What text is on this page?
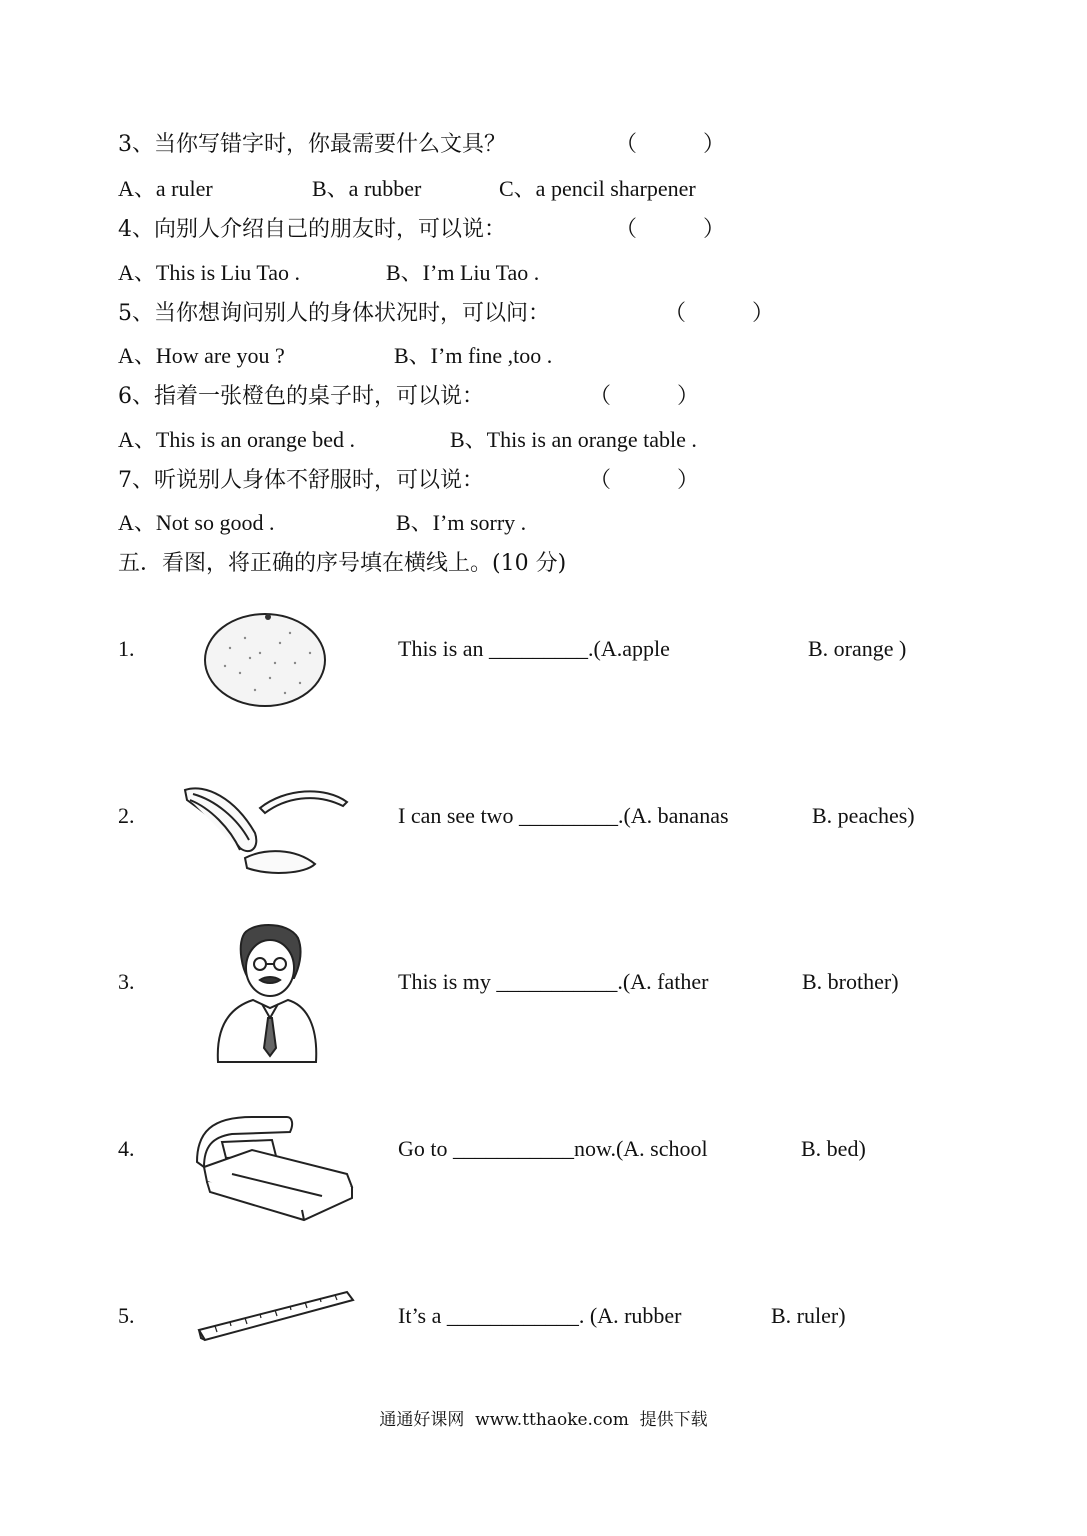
3、当你写错字时，你最需要什么文具？	（　　　）
A、a ruler	B、a rubber	C、a pencil sharpener
4、向别人介绍自己的朋友时，可以说：	（　　　）
A、This is Liu Tao .	B、I’m Liu Tao .
5、当你想询问别人的身体状况时，可以问：	（　　　）
A、How are you ?	B、I’m fine ,too .
6、指着一张橙色的桌子时，可以说：	（　　　）
A、This is an orange bed .	B、This is an orange table .
7、听说别人身体不舒服时，可以说：	（　　　）
A、Not so good .	B、I’m sorry .
五．看图，将正确的序号填在横线上。(10 分)
1.	This is an _________.(A.apple	B. orange )
2.	I can see two _________.(A. bananas	B. peaches)
3.	This is my ___________.(A. father	B. brother)
4.	Go to ___________now.(A. school	B. bed)
5.	It’s a ____________. (A. rubber	B. ruler)
通通好课网  www.tthaoke.com  提供下载
